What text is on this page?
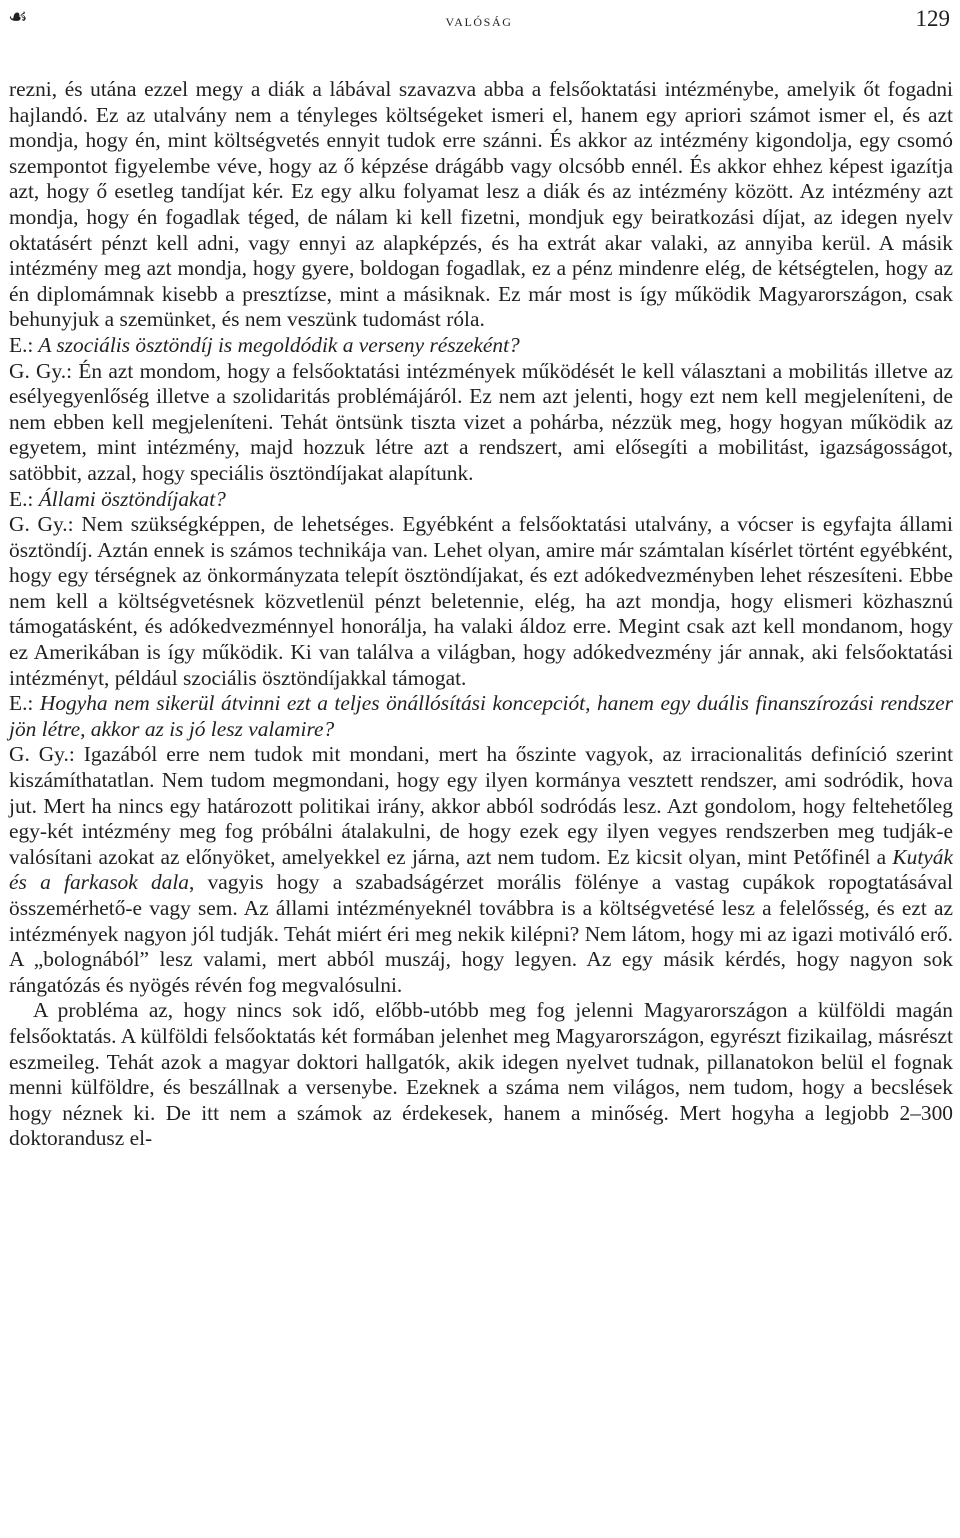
☙	valóság	129

rezni, és utána ezzel megy a diák a lábával szavazva abba a felsőoktatási intézménybe, amelyik őt fogadni hajlandó. Ez az utalvány nem a tényleges költségeket ismeri el, hanem egy apriori számot ismer el, és azt mondja, hogy én, mint költségvetés ennyit tudok erre szánni. És akkor az intézmény kigondolja, egy csomó szempontot figyelembe véve, hogy az ő képzése drágább vagy olcsóbb ennél. És akkor ehhez képest igazítja azt, hogy ő esetleg tandíjat kér. Ez egy alku folyamat lesz a diák és az intézmény között. Az intézmény azt mondja, hogy én fogadlak téged, de nálam ki kell fizetni, mondjuk egy beiratkozási díjat, az idegen nyelv oktatásért pénzt kell adni, vagy ennyi az alapképzés, és ha extrát akar valaki, az annyiba kerül. A másik intézmény meg azt mondja, hogy gyere, boldogan fogadlak, ez a pénz mindenre elég, de kétségtelen, hogy az én diplomámnak kisebb a presztízse, mint a másiknak. Ez már most is így működik Magyarországon, csak behunyjuk a szemünket, és nem veszünk tudomást róla.

E.: A szociális ösztöndíj is megoldódik a verseny részeként?

G. Gy.: Én azt mondom, hogy a felsőoktatási intézmények működését le kell választani a mobilitás illetve az esélyegyenlőség illetve a szolidaritás problémájáról. Ez nem azt jelenti, hogy ezt nem kell megjeleníteni, de nem ebben kell megjeleníteni. Tehát öntsünk tiszta vizet a pohárba, nézzük meg, hogy hogyan működik az egyetem, mint intézmény, majd hozzuk létre azt a rendszert, ami elősegíti a mobilitást, igazságosságot, satöbbit, azzal, hogy speciális ösztöndíjakat alapítunk.

E.: Állami ösztöndíjakat?

G. Gy.: Nem szükségképpen, de lehetséges. Egyébként a felsőoktatási utalvány, a vócser is egyfajta állami ösztöndíj. Aztán ennek is számos technikája van. Lehet olyan, amire már számtalan kísérlet történt egyébként, hogy egy térségnek az önkormányzata telepít ösztöndíjakat, és ezt adókedvezményben lehet részesíteni. Ebbe nem kell a költségvetésnek közvetlenül pénzt beletennie, elég, ha azt mondja, hogy elismeri közhasznú támogatásként, és adókedvezménnyel honorálja, ha valaki áldoz erre. Megint csak azt kell mondanom, hogy ez Amerikában is így működik. Ki van találva a világban, hogy adókedvezmény jár annak, aki felsőoktatási intézményt, például szociális ösztöndíjakkal támogat.

E.: Hogyha nem sikerül átvinni ezt a teljes önállósítási koncepciót, hanem egy duális finanszírozási rendszer jön létre, akkor az is jó lesz valamire?

G. Gy.: Igazából erre nem tudok mit mondani, mert ha őszinte vagyok, az irracionalitás definíció szerint kiszámíthatatlan. Nem tudom megmondani, hogy egy ilyen kormánya vesztett rendszer, ami sodródik, hova jut. Mert ha nincs egy határozott politikai irány, akkor abból sodródás lesz. Azt gondolom, hogy feltehetőleg egy-két intézmény meg fog próbálni átalakulni, de hogy ezek egy ilyen vegyes rendszerben meg tudják-e valósítani azokat az előnyöket, amelyekkel ez járna, azt nem tudom. Ez kicsit olyan, mint Petőfinél a Kutyák és a farkasok dala, vagyis hogy a szabadságérzet morális fölénye a vastag cupákok ropogtatásával összemérhető-e vagy sem. Az állami intézményeknél továbbra is a költségvetésé lesz a felelősség, és ezt az intézmények nagyon jól tudják. Tehát miért éri meg nekik kilépni? Nem látom, hogy mi az igazi motiváló erő. A „bolognából” lesz valami, mert abból muszáj, hogy legyen. Az egy másik kérdés, hogy nagyon sok rángatózás és nyögés révén fog megvalósulni.

A probléma az, hogy nincs sok idő, előbb-utóbb meg fog jelenni Magyarországon a külföldi magán felsőoktatás. A külföldi felsőoktatás két formában jelenhet meg Magyarországon, egyrészt fizikailag, másrészt eszmeileg. Tehát azok a magyar doktori hallgatók, akik idegen nyelvet tudnak, pillanatokon belül el fognak menni külföldre, és beszállnak a versenybe. Ezeknek a száma nem világos, nem tudom, hogy a becslések hogy néznek ki. De itt nem a számok az érdekesek, hanem a minőség. Mert hogyha a legjobb 2–300 doktorandusz el-
